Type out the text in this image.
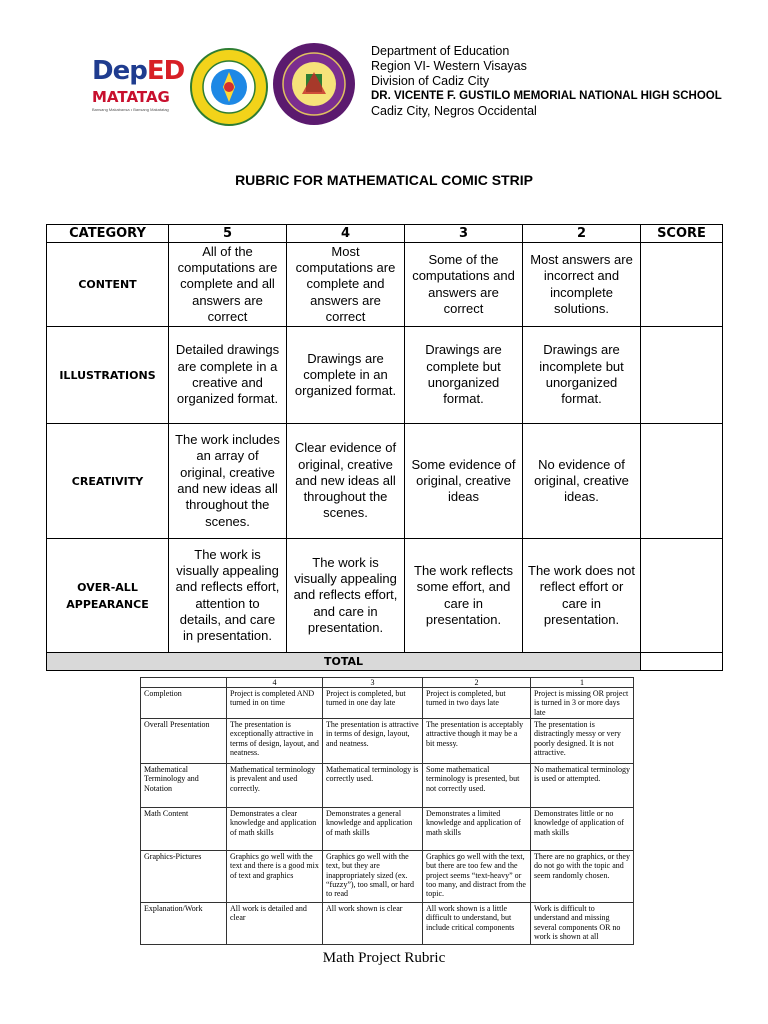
DepED
MATATAG
Bansang Makabansa • Bansang Makatatag
Department of Education
Region VI- Western Visayas
Division of Cadiz City
DR. VICENTE F. GUSTILO MEMORIAL NATIONAL HIGH SCHOOL
Cadiz City, Negros Occidental
RUBRIC FOR MATHEMATICAL COMIC STRIP
CATEGORY	5	4	3	2	SCORE
CONTENT	All of the computations are complete and all answers are correct	Most computations are complete and answers are correct	Some of the computations and answers are correct	Most answers are incorrect and incomplete solutions.	
ILLUSTRATIONS	Detailed drawings are complete in a creative and organized format.	Drawings are complete in an organized format.	Drawings are complete but unorganized format.	Drawings are incomplete but unorganized format.	
CREATIVITY	The work includes an array of original, creative and new ideas all throughout the scenes.	Clear evidence of original, creative and new ideas all throughout the scenes.	Some evidence of original, creative ideas	No evidence of original, creative ideas.	
OVER-ALL APPEARANCE	The work is visually appealing and reflects effort, attention to details, and care in presentation.	The work is visually appealing and reflects effort, and care in presentation.	The work reflects some effort, and care in presentation.	The work does not reflect effort or care in presentation.	
TOTAL					
	4	3	2	1
Completion	Project is completed AND turned in on time	Project is completed, but turned in one day late	Project is completed, but turned in two days late	Project is missing OR project is turned in 3 or more days late
Overall Presentation	The presentation is exceptionally attractive in terms of design, layout, and neatness.	The presentation is attractive in terms of design, layout, and neatness.	The presentation is acceptably attractive though it may be a bit messy.	The presentation is distractingly messy or very poorly designed. It is not attractive.
Mathematical Terminology and Notation	Mathematical terminology is prevalent and used correctly.	Mathematical terminology is correctly used.	Some mathematical terminology is presented, but not correctly used.	No mathematical terminology is used or attempted.
Math Content	Demonstrates a clear knowledge and application of math skills	Demonstrates a general knowledge and application of math skills	Demonstrates a limited knowledge and application of math skills	Demonstrates little or no knowledge of application of math skills
Graphics-Pictures	Graphics go well with the text and there is a good mix of text and graphics	Graphics go well with the text, but they are inappropriately sized (ex. “fuzzy”), too small, or hard to read	Graphics go well with the text, but there are too few and the project seems “text-heavy” or too many, and distract from the topic.	There are no graphics, or they do not go with the topic and seem randomly chosen.
Explanation/Work	All work is detailed and clear	All work shown is clear	All work shown is a little difficult to understand, but include critical components	Work is difficult to understand and missing several components OR no work is shown at all
Math Project Rubric
